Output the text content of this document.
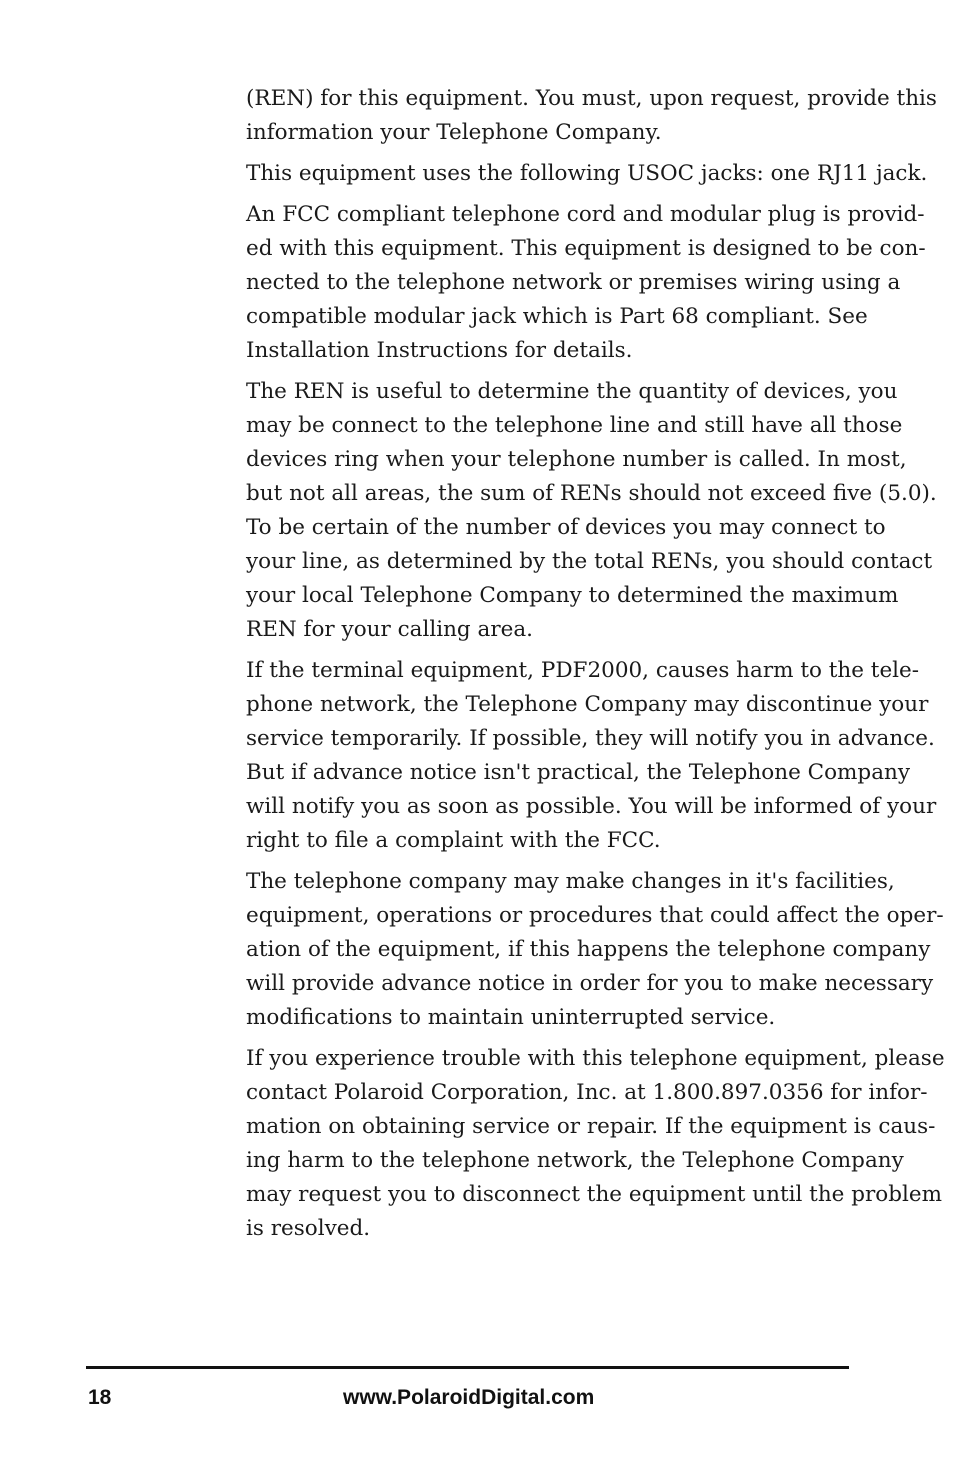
(REN) for this equipment. You must, upon request, provide this
information your Telephone Company.

This equipment uses the following USOC jacks: one RJ11 jack.

An FCC compliant telephone cord and modular plug is provid-
ed with this equipment. This equipment is designed to be con-
nected to the telephone network or premises wiring using a
compatible modular jack which is Part 68 compliant. See
Installation Instructions for details.

The REN is useful to determine the quantity of devices, you
may be connect to the telephone line and still have all those
devices ring when your telephone number is called. In most,
but not all areas, the sum of RENs should not exceed five (5.0).
To be certain of the number of devices you may connect to
your line, as determined by the total RENs, you should contact
your local Telephone Company to determined the maximum
REN for your calling area.

If the terminal equipment, PDF2000, causes harm to the tele-
phone network, the Telephone Company may discontinue your
service temporarily. If possible, they will notify you in advance.
But if advance notice isn't practical, the Telephone Company
will notify you as soon as possible. You will be informed of your
right to file a complaint with the FCC.

The telephone company may make changes in it's facilities,
equipment, operations or procedures that could affect the oper-
ation of the equipment, if this happens the telephone company
will provide advance notice in order for you to make necessary
modifications to maintain uninterrupted service.

If you experience trouble with this telephone equipment, please
contact Polaroid Corporation, Inc. at 1.800.897.0356 for infor-
mation on obtaining service or repair. If the equipment is caus-
ing harm to the telephone network, the Telephone Company
may request you to disconnect the equipment until the problem
is resolved.

18	www.PolaroidDigital.com
